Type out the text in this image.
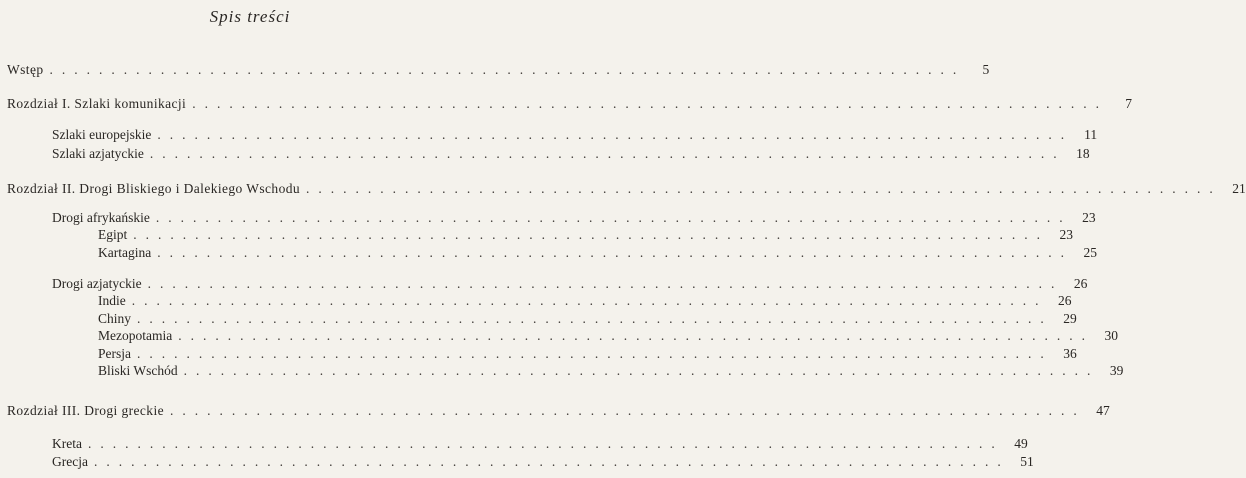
Spis treści
Wstęp ..........................................................................	5
Rozdział I. Szlaki komunikacji ..........................................................................	7
Szlaki europejskie .......................................................................... 11
Szlaki azjatyckie .......................................................................... 18
Rozdział II. Drogi Bliskiego i Dalekiego Wschodu .......................................................................... 21
Drogi afrykańskie .......................................................................... 23
Egipt .......................................................................... 23
Kartagina .......................................................................... 25
Drogi azjatyckie .......................................................................... 26
Indie .......................................................................... 26
Chiny .......................................................................... 29
Mezopotamia .......................................................................... 30
Persja .......................................................................... 36
Bliski Wschód .......................................................................... 39
Rozdział III. Drogi greckie .......................................................................... 47
Kreta .......................................................................... 49
Grecja .......................................................................... 51
